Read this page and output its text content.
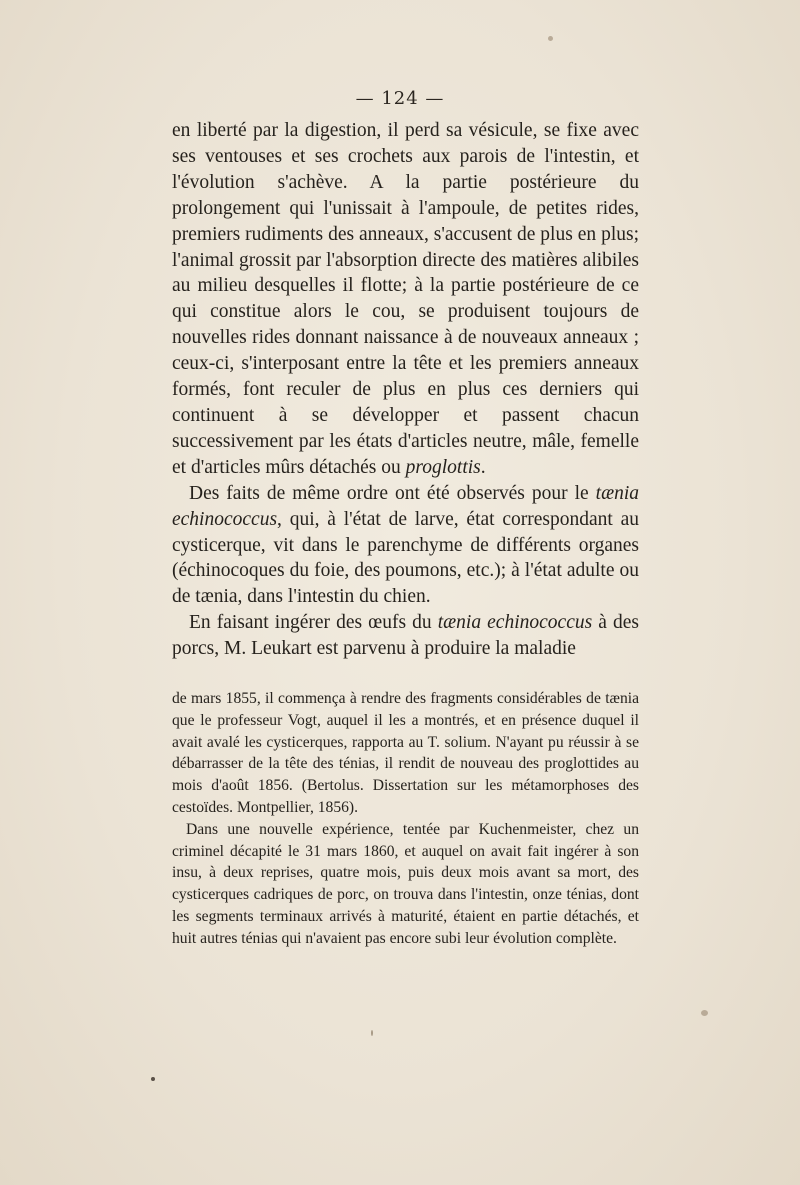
— 124 —

en liberté par la digestion, il perd sa vésicule, se fixe avec ses ventouses et ses crochets aux parois de l'intestin, et l'évolution s'achève. A la partie postérieure du prolongement qui l'unissait à l'ampoule, de petites rides, premiers rudiments des anneaux, s'accusent de plus en plus; l'animal grossit par l'absorption directe des matières alibiles au milieu desquelles il flotte; à la partie postérieure de ce qui constitue alors le cou, se produisent toujours de nouvelles rides donnant naissance à de nouveaux anneaux ; ceux-ci, s'interposant entre la tête et les premiers anneaux formés, font reculer de plus en plus ces derniers qui continuent à se développer et passent chacun successivement par les états d'articles neutre, mâle, femelle et d'articles mûrs détachés ou proglottis.

Des faits de même ordre ont été observés pour le tænia echinococcus, qui, à l'état de larve, état correspondant au cysticerque, vit dans le parenchyme de différents organes (échinocoques du foie, des poumons, etc.); à l'état adulte ou de tænia, dans l'intestin du chien.

En faisant ingérer des œufs du tænia echinococcus à des porcs, M. Leukart est parvenu à produire la maladie

de mars 1855, il commença à rendre des fragments considérables de tænia que le professeur Vogt, auquel il les a montrés, et en présence duquel il avait avalé les cysticerques, rapporta au T. solium. N'ayant pu réussir à se débarrasser de la tête des ténias, il rendit de nouveau des proglottides au mois d'août 1856. (Bertolus. Dissertation sur les métamorphoses des cestoïdes. Montpellier, 1856).

Dans une nouvelle expérience, tentée par Kuchenmeister, chez un criminel décapité le 31 mars 1860, et auquel on avait fait ingérer à son insu, à deux reprises, quatre mois, puis deux mois avant sa mort, des cysticerques cadriques de porc, on trouva dans l'intestin, onze ténias, dont les segments terminaux arrivés à maturité, étaient en partie détachés, et huit autres ténias qui n'avaient pas encore subi leur évolution complète.
